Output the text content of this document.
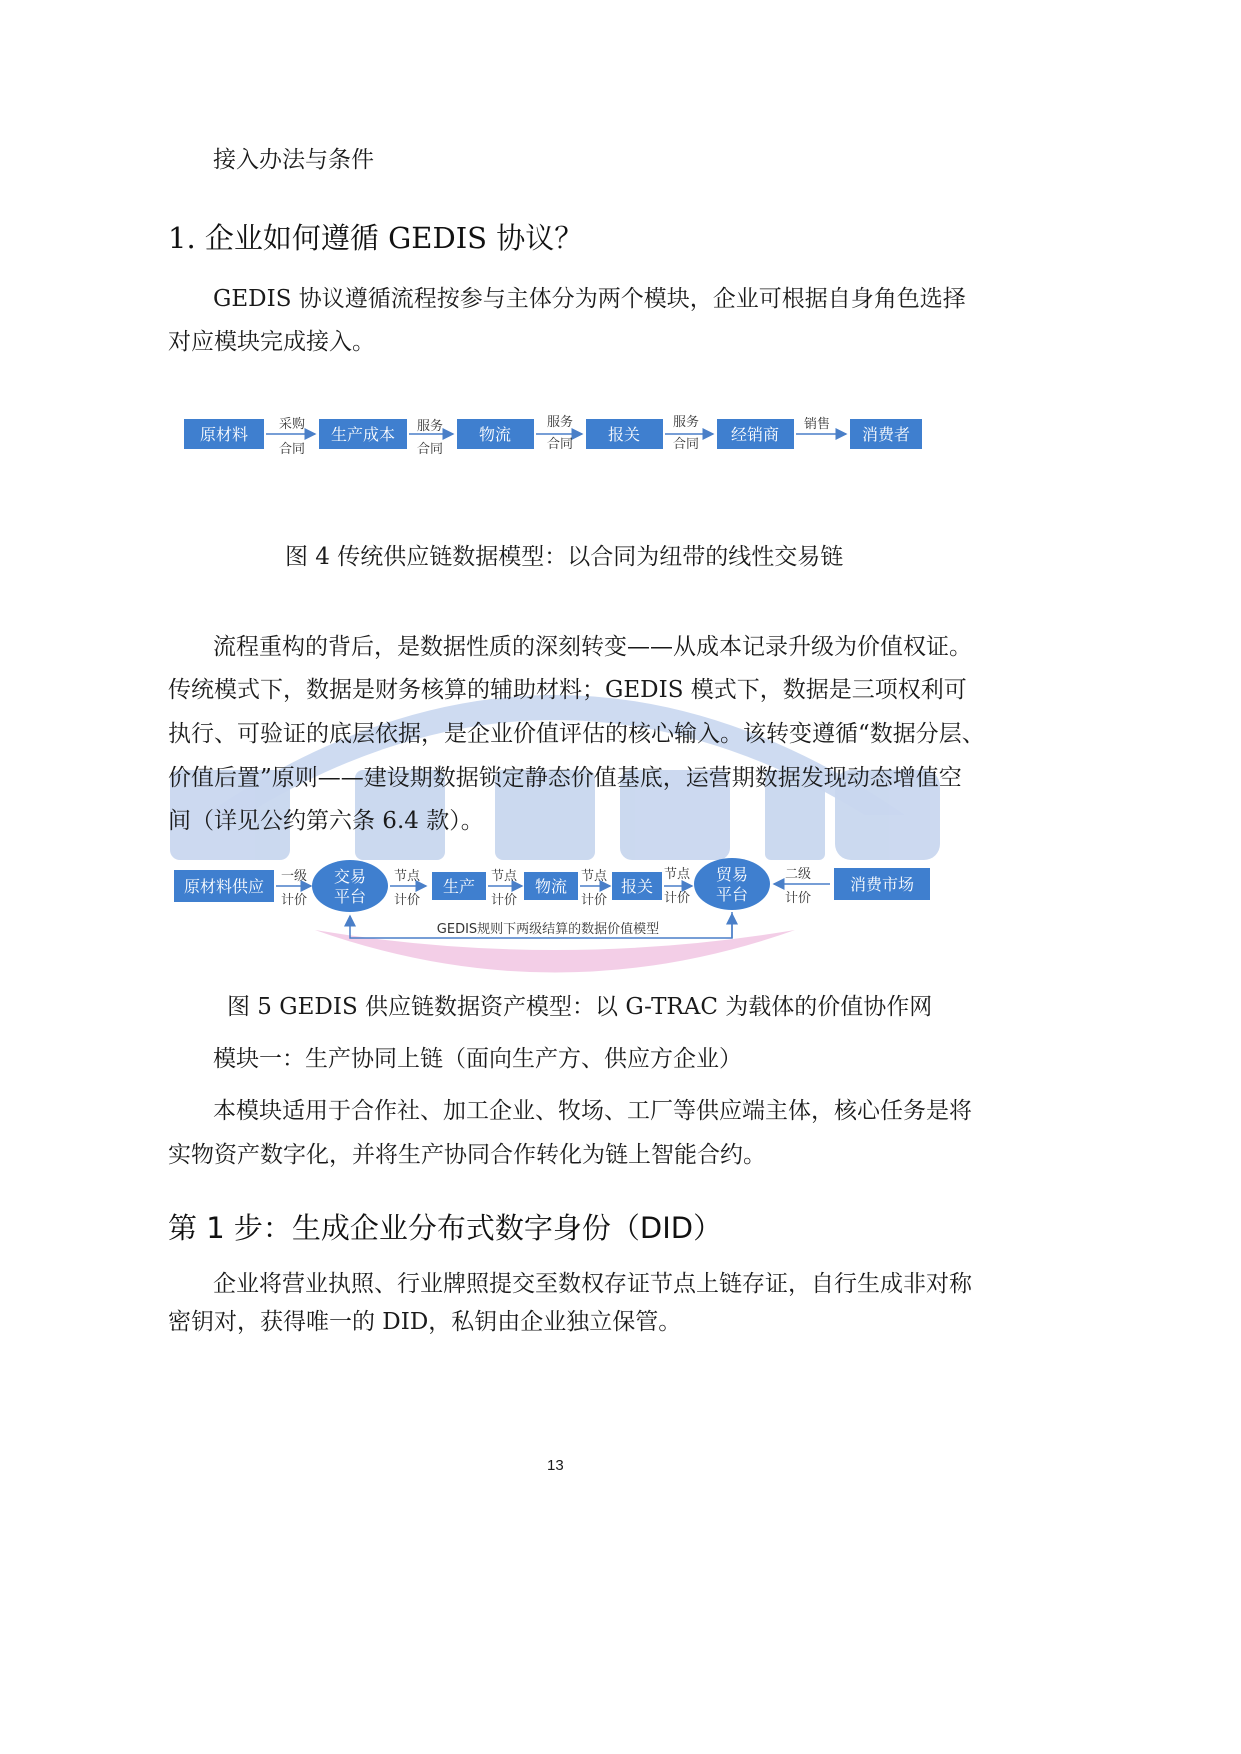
接入办法与条件
1. 企业如何遵循 GEDIS 协议？
GEDIS 协议遵循流程按参与主体分为两个模块，企业可根据自身角色选择
对应模块完成接入。
原材料	生产成本	物流	报关	经销商	消费者
采购
合同
服务
合同
服务
合同
服务
合同
销售
图 4 传统供应链数据模型：以合同为纽带的线性交易链
流程重构的背后，是数据性质的深刻转变——从成本记录升级为价值权证。
传统模式下，数据是财务核算的辅助材料；GEDIS 模式下，数据是三项权利可
执行、可验证的底层依据，是企业价值评估的核心输入。该转变遵循“数据分层、
价值后置”原则——建设期数据锁定静态价值基底，运营期数据发现动态增值空
间（详见公约第六条 6.4 款）。
原材料供应
一级
计价
交易
平台
节点
计价
生产
节点
计价
物流
节点
计价
报关
节点
计价
贸易
平台
二级
计价
消费市场
GEDIS规则下两级结算的数据价值模型
图 5 GEDIS 供应链数据资产模型：以 G-TRAC 为载体的价值协作网
模块一：生产协同上链（面向生产方、供应方企业）
本模块适用于合作社、加工企业、牧场、工厂等供应端主体，核心任务是将
实物资产数字化，并将生产协同合作转化为链上智能合约。
第 1 步：生成企业分布式数字身份（DID）
企业将营业执照、行业牌照提交至数权存证节点上链存证，自行生成非对称
密钥对，获得唯一的 DID，私钥由企业独立保管。
13
